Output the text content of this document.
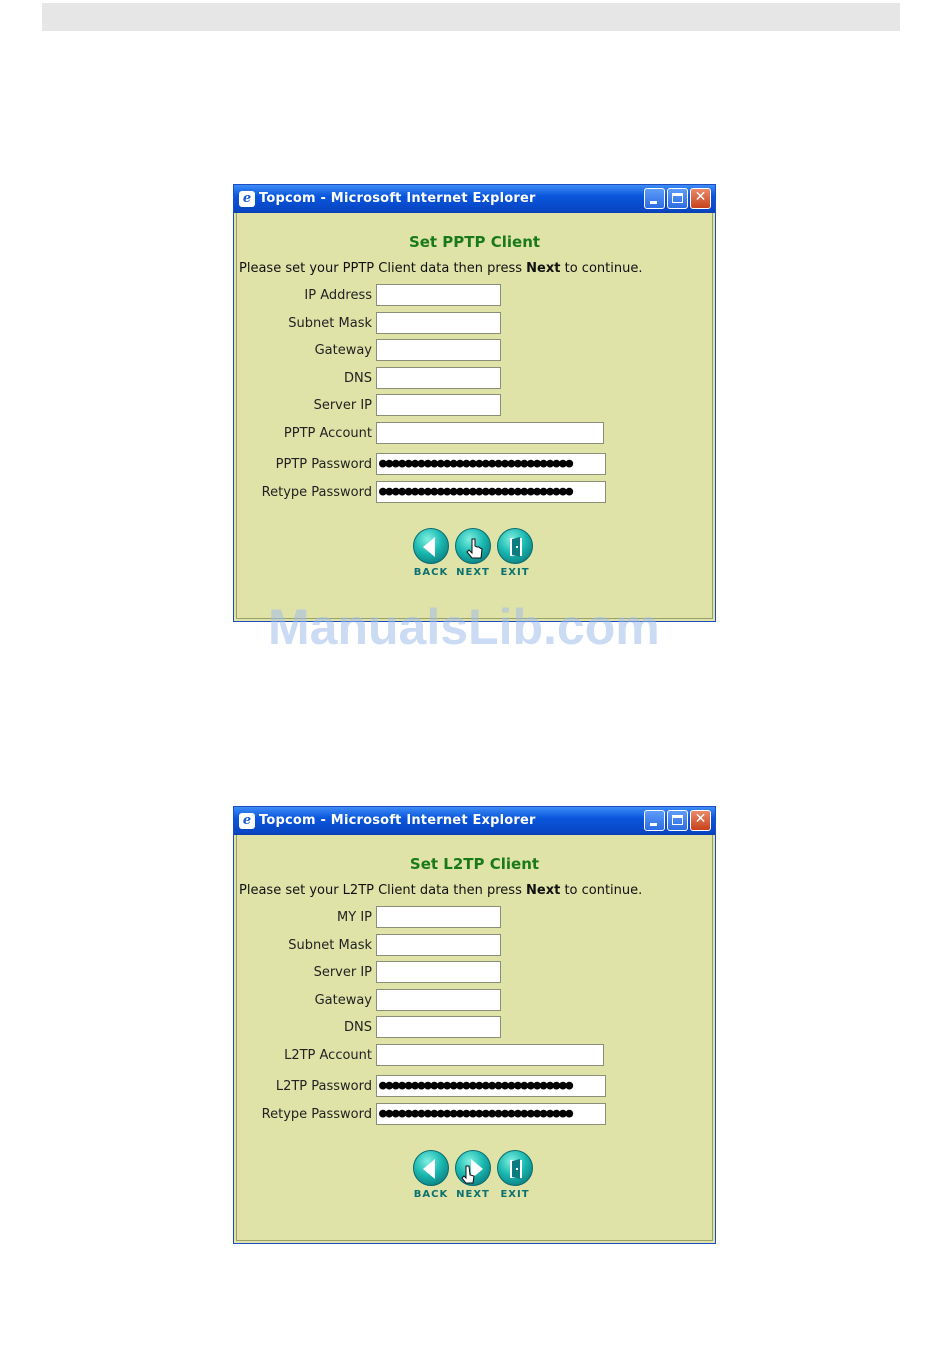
e Topcom - Microsoft Internet Explorer	✕
Set PPTP Client
Please set your PPTP Client data then press Next to continue.
IP Address
Subnet Mask
Gateway
DNS
Server IP
PPTP Account
PPTP Password ●●●●●●●●●●●●●●●●●●●●●●●●●●●●●●
Retype Password ●●●●●●●●●●●●●●●●●●●●●●●●●●●●●●
BACK NEXT	EXIT
e Topcom - Microsoft Internet Explorer	✕
Set L2TP Client
Please set your L2TP Client data then press Next to continue.
MY IP
Subnet Mask
Server IP
Gateway
DNS
L2TP Account
L2TP Password ●●●●●●●●●●●●●●●●●●●●●●●●●●●●●●
Retype Password ●●●●●●●●●●●●●●●●●●●●●●●●●●●●●●
BACK NEXT	EXIT
ManualsLib.com
